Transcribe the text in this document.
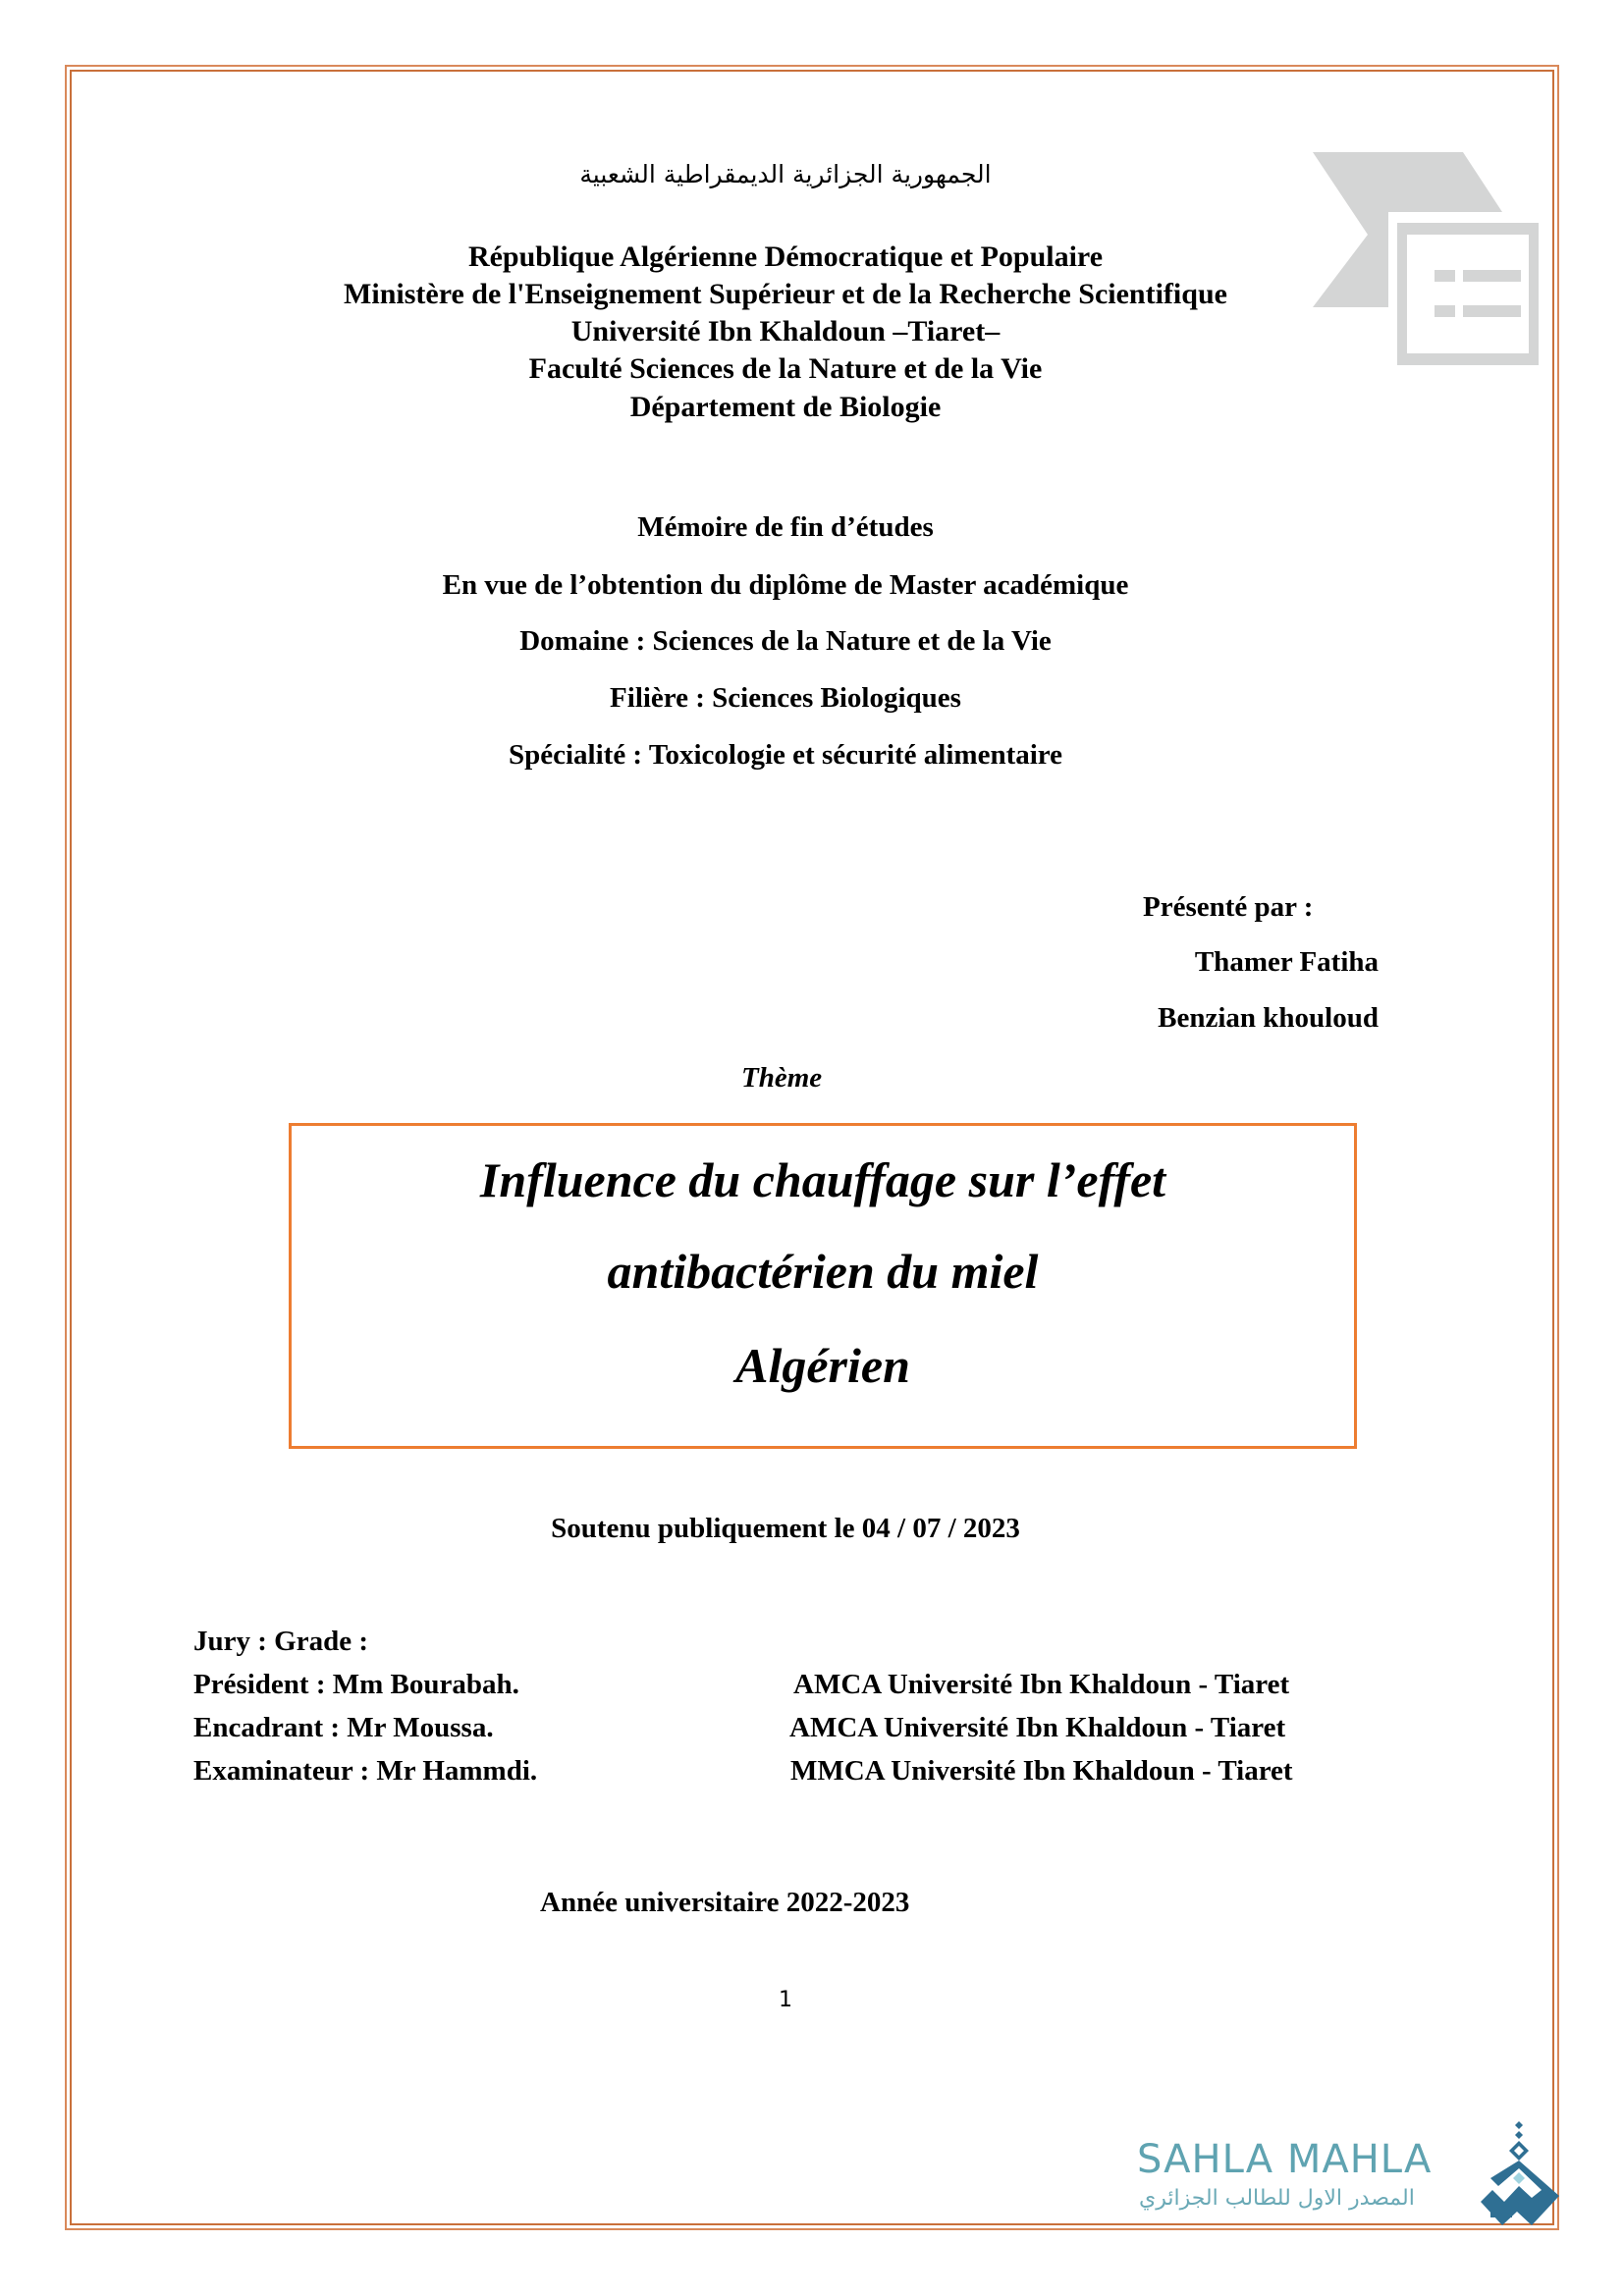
الجمهورية الجزائرية الديمقراطية الشعبية
République Algérienne Démocratique et Populaire
Ministère de l'Enseignement Supérieur et de la Recherche Scientifique
Université Ibn Khaldoun –Tiaret–
Faculté Sciences de la Nature et de la Vie
Département de Biologie
Mémoire de fin d’études
En vue de l’obtention du diplôme de Master académique
Domaine : Sciences de la Nature et de la Vie
Filière : Sciences Biologiques
Spécialité : Toxicologie et sécurité alimentaire
Présenté par :
Thamer Fatiha
Benzian khouloud
Thème
Influence du chauffage sur l’effet
antibactérien du miel
Algérien
Soutenu publiquement le 04 / 07 / 2023
Jury : Grade :
Président : Mm Bourabah.	AMCA Université Ibn Khaldoun - Tiaret
Encadrant : Mr Moussa.	AMCA Université Ibn Khaldoun - Tiaret
Examinateur : Mr Hammdi.	MMCA Université Ibn Khaldoun - Tiaret
Année universitaire 2022-2023
1
SAHLA MAHLA
المصدر الاول للطالب الجزائري
